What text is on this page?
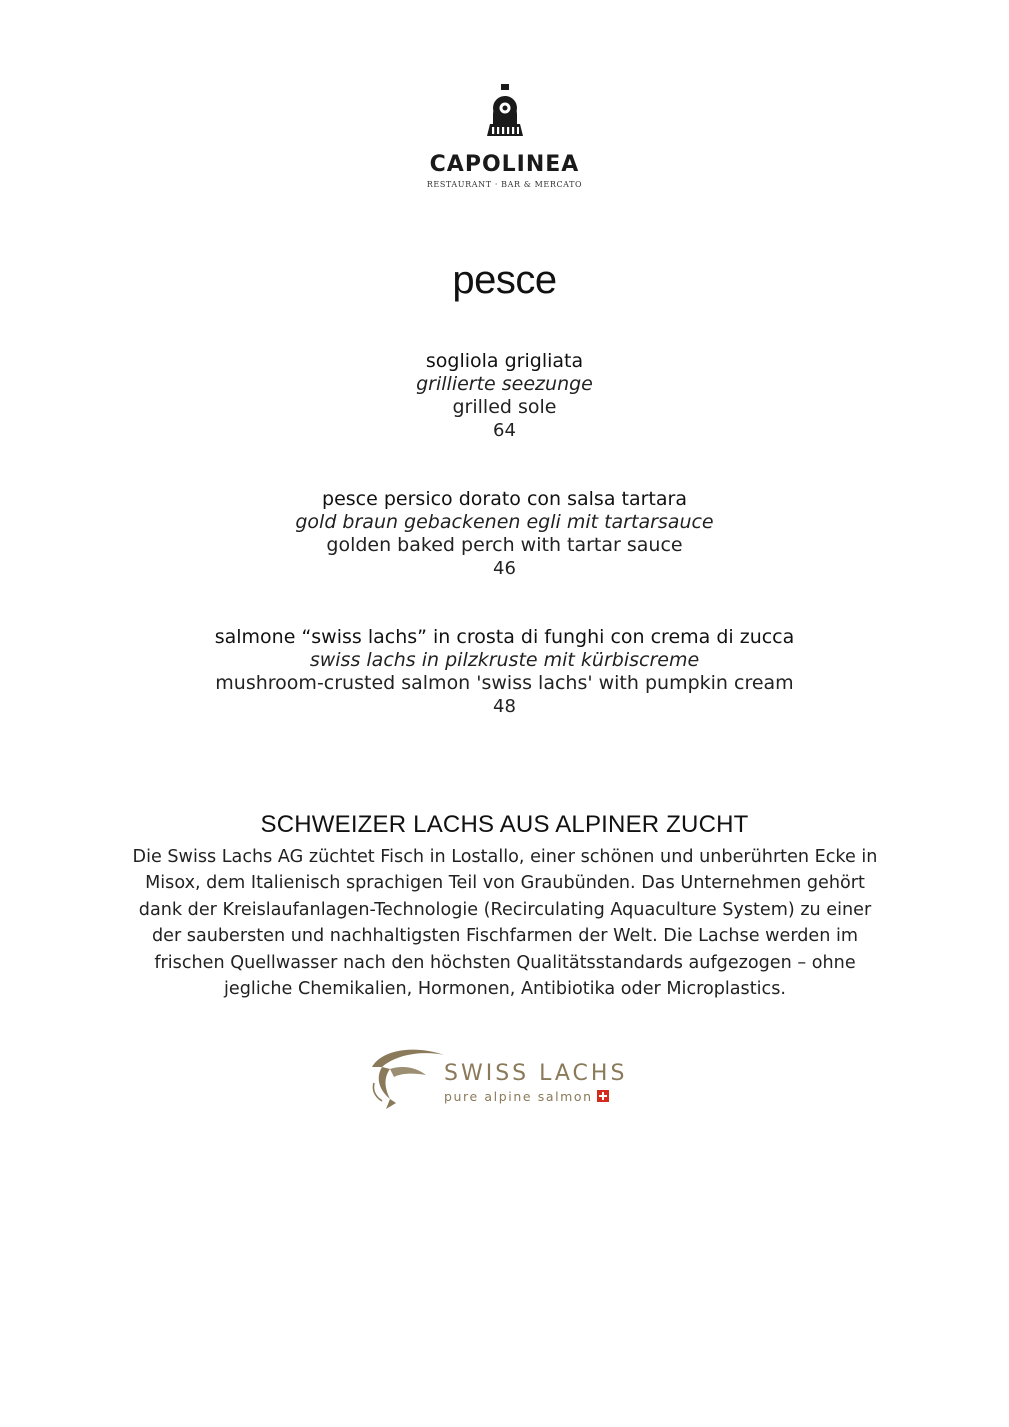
CAPOLINEA
RESTAURANT · BAR & MERCATO
pesce
sogliola grigliata
grillierte seezunge
grilled sole
64
pesce persico dorato con salsa tartara
gold braun gebackenen egli mit tartarsauce
golden baked perch with tartar sauce
46
salmone “swiss lachs” in crosta di funghi con crema di zucca
swiss lachs in pilzkruste mit kürbiscreme
mushroom-crusted salmon 'swiss lachs' with pumpkin cream
48
SCHWEIZER LACHS AUS ALPINER ZUCHT

Die Swiss Lachs AG züchtet Fisch in Lostallo, einer schönen und unberührten Ecke in Misox, dem Italienisch sprachigen Teil von Graubünden. Das Unternehmen gehört dank der Kreislaufanlagen-Technologie (Recirculating Aquaculture System) zu einer der saubersten und nachhaltigsten Fischfarmen der Welt. Die Lachse werden im frischen Quellwasser nach den höchsten Qualitätsstandards aufgezogen – ohne jegliche Chemikalien, Hormonen, Antibiotika oder Microplastics.

SWISS LACHS
pure alpine salmon
